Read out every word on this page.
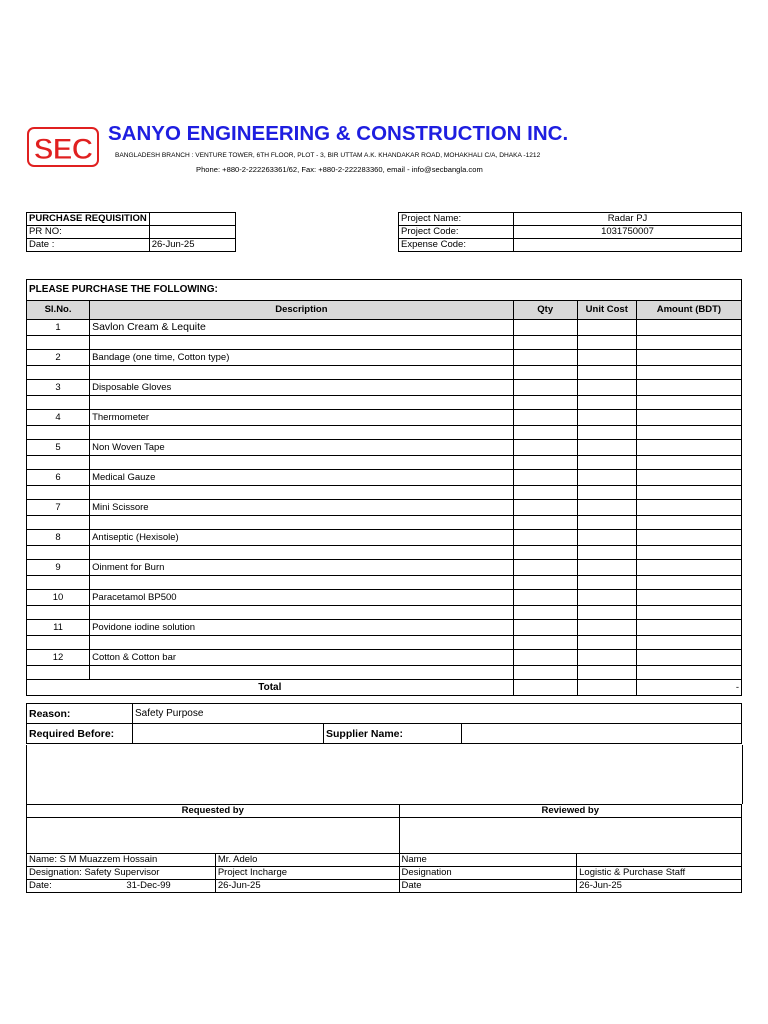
SEC SANYO ENGINEERING & CONSTRUCTION INC.
BANGLADESH BRANCH : VENTURE TOWER, 6TH FLOOR, PLOT - 3, BIR UTTAM A.K. KHANDAKAR ROAD, MOHAKHALI C/A, DHAKA -1212
Phone: +880-2-222263361/62, Fax: +880-2-222283360, email - info@secbangla.com
PURCHASE REQUISITION	
PR NO:	
Date :	26-Jun-25
Project Name:	Radar PJ
Project Code:	1031750007
Expense Code:	
PLEASE PURCHASE THE FOLLOWING:				
Sl.No.	Description	Qty	Unit Cost	Amount (BDT)
1	Savlon Cream & Lequite			

2	Bandage (one time, Cotton type)			

3	Disposable Gloves			

4	Thermometer			

5	Non Woven Tape			

6	Medical Gauze			

7	Mini Scissore			

8	Antiseptic (Hexisole)			

9	Oinment for Burn			

10	Paracetamol BP500			

11	Povidone iodine solution			

12	Cotton & Cotton bar			

Total				-
Reason:	Safety Purpose		
Required Before:		Supplier Name:	
Requested by		Reviewed by	

Name: S M Muazzem Hossain	Mr. Adelo	Name	
Designation: Safety Supervisor	Project Incharge	Designation	Logistic & Purchase Staff
Date: 31-Dec-99	26-Jun-25	Date	26-Jun-25
